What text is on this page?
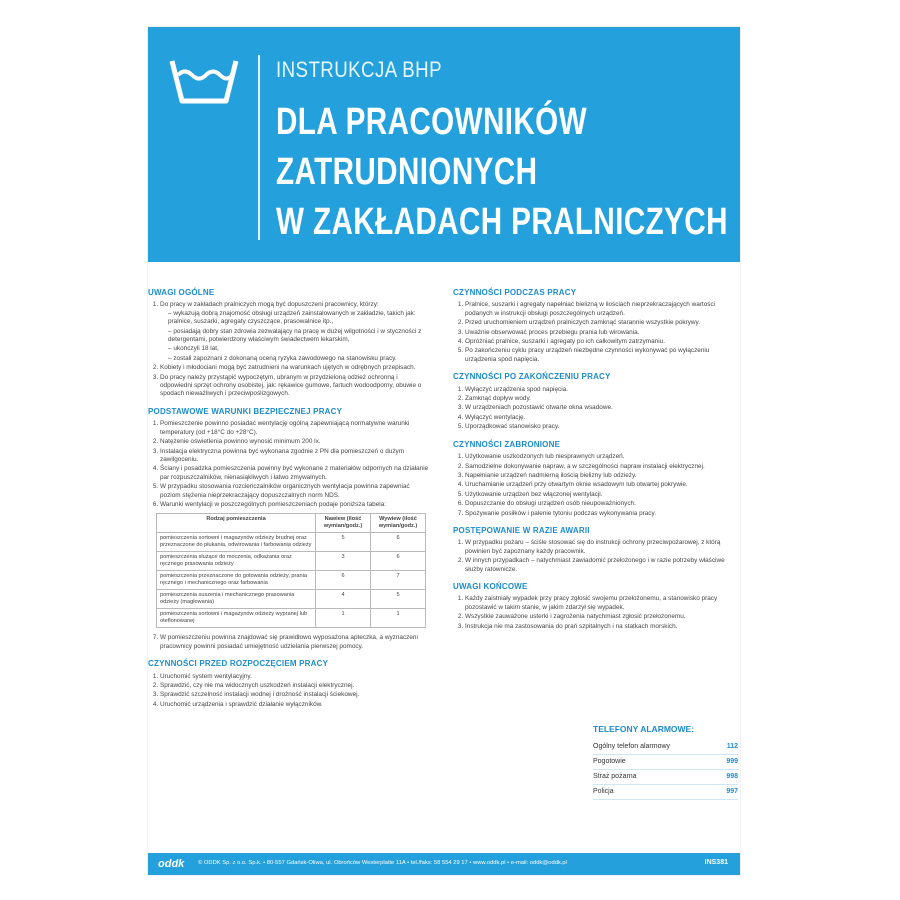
INSTRUKCJA BHP
DLA PRACOWNIKÓW
ZATRUDNIONYCH
W ZAKŁADACH PRALNICZYCH
UWAGI OGÓLNE
1. Do pracy w zakładach pralniczych mogą być dopuszczeni pracownicy, którzy:
– wykazują dobrą znajomość obsługi urządzeń zainstalowanych w zakładzie, takich jak: pralnice, suszarki, agregaty czyszczące, prasowalnice itp.,
– posiadają dobry stan zdrowia zezwalający na pracę w dużej wilgotności i w styczności z detergentami, potwierdzony właściwym świadectwem lekarskim,
– ukończyli 18 lat,
– zostali zapoznani z dokonaną oceną ryzyka zawodowego na stanowisku pracy.
2. Kobiety i młodociani mogą być zatrudnieni na warunkach ujętych w odrębnych przepisach.
3. Do pracy należy przystąpić wypoczętym, ubranym w przydzieloną odzież ochronną i odpowiedni sprzęt ochrony osobistej, jak: rękawice gumowe, fartuch wodoodporny, obuwie o spodach nieważliwych i przeciwpoślizgowych.
PODSTAWOWE WARUNKI BEZPIECZNEJ PRACY
1. Pomieszczenie powinno posiadać wentylację ogólną zapewniającą normatywne warunki temperatury (od +18°C do +28°C).
2. Natężenie oświetlenia powinno wynosić minimum 200 lx.
3. Instalacja elektryczna powinna być wykonana zgodnie z PN dla pomieszczeń o dużym zawilgoceniu.
4. Ściany i posadzka pomieszczenia powinny być wykonane z materiałów odpornych na działanie par rozpuszczalników, nienasiąkliwych i łatwo zmywalnych.
5. W przypadku stosowania rozcieńczalników organicznych wentylacja powinna zapewniać poziom stężenia nieprzekraczający dopuszczalnych norm NDS.
6. Warunki wentylacji w poszczególnych pomieszczeniach podaje poniższa tabela:
Rodzaj pomieszczenia	Nawiew (ilość wymian/godz.)	Wywiew (ilość wymian/godz.)
pomieszczenia sortowni i magazynów odzieży brudnej oraz przeznaczone do płukania, odwirowania i farbowania odzieży	5	6
pomieszczenia służące do moczenia, odkażania oraz ręcznego prasowania odzieży	3	6
pomieszczenia przeznaczone do gotowania odzieży, prania ręcznego i mechanicznego oraz farbowania	6	7
pomieszczenia suszenia i mechanicznego prasowania odzieży (magłowania)	4	5
pomieszczenia sortowni i magazynów odzieży wypranej lub oteflonowanej	1	1
7. W pomieszczeniu powinna znajdować się prawidłowo wyposażona apteczka, a wyznaczeni pracownicy powinni posiadać umiejętność udzielania pierwszej pomocy.
CZYNNOŚCI PRZED ROZPOCZĘCIEM PRACY
1. Uruchomić system wentylacyjny.
2. Sprawdzić, czy nie ma widocznych uszkodzeń instalacji elektrycznej.
3. Sprawdzić szczelność instalacji wodnej i drożność instalacji ściekowej.
4. Uruchomić urządzenia i sprawdzić działanie wyłączników.
CZYNNOŚCI PODCZAS PRACY
1. Pralnice, suszarki i agregaty napełniać bielizną w ilościach nieprzekraczających wartości podanych w instrukcji obsługi poszczególnych urządzeń.
2. Przed uruchomieniem urządzeń pralniczych zamknąć starannie wszystkie pokrywy.
3. Uważnie obserwować proces przebiegu prania lub wirowania.
4. Opróżniać pralnice, suszarki i agregaty po ich całkowitym zatrzymaniu.
5. Po zakończeniu cyklu pracy urządzeń niezbędne czynności wykonywać po wyłączeniu urządzenia spod napięcia.
CZYNNOŚCI PO ZAKOŃCZENIU PRACY
1. Wyłączyć urządzenia spod napięcia.
2. Zamknąć dopływ wody.
3. W urządzeniach pozostawić otwarte okna wsadowe.
4. Wyłączyć wentylację.
5. Uporządkować stanowisko pracy.
CZYNNOŚCI ZABRONIONE
1. Użytkowanie uszkodzonych lub niesprawnych urządzeń.
2. Samodzielne dokonywanie napraw, a w szczególności napraw instalacji elektrycznej.
3. Napełnianie urządzeń nadmierną ilością bielizny lub odzieży.
4. Uruchamianie urządzeń przy otwartym oknie wsadowym lub otwartej pokrywie.
5. Użytkowanie urządzeń bez włączonej wentylacji.
6. Dopuszczanie do obsługi urządzeń osób nieupoważnionych.
7. Spożywanie posiłków i palenie tytoniu podczas wykonywania pracy.
POSTĘPOWANIE W RAZIE AWARII
1. W przypadku pożaru – ściśle stosować się do instrukcji ochrony przeciwpożarowej, z którą powinien być zapoznany każdy pracownik.
2. W innych przypadkach – natychmiast zawiadomić przełożonego i w razie potrzeby właściwe służby ratownicze.
UWAGI KOŃCOWE
1. Każdy zaistniały wypadek przy pracy zgłosić swojemu przełożonemu, a stanowisko pracy pozostawić w takim stanie, w jakim zdarzył się wypadek.
2. Wszystkie zauważone usterki i zagrożenia natychmiast zgłosić przełożonemu.
3. Instrukcja nie ma zastosowania do prań szpitalnych i na statkach morskich.
TELEFONY ALARMOWE:
Ogólny telefon alarmowy	112
Pogotowie	999
Straż pożarna	998
Policja	997
oddk © ODDK Sp. z o.o. Sp.k. • 80-557 Gdańsk-Oliwa, ul. Obrońców Westerplatte 11A • tel./faks: 58 554 29 17 • www.oddk.pl • e-mail: oddk@oddk.pl	INS381
